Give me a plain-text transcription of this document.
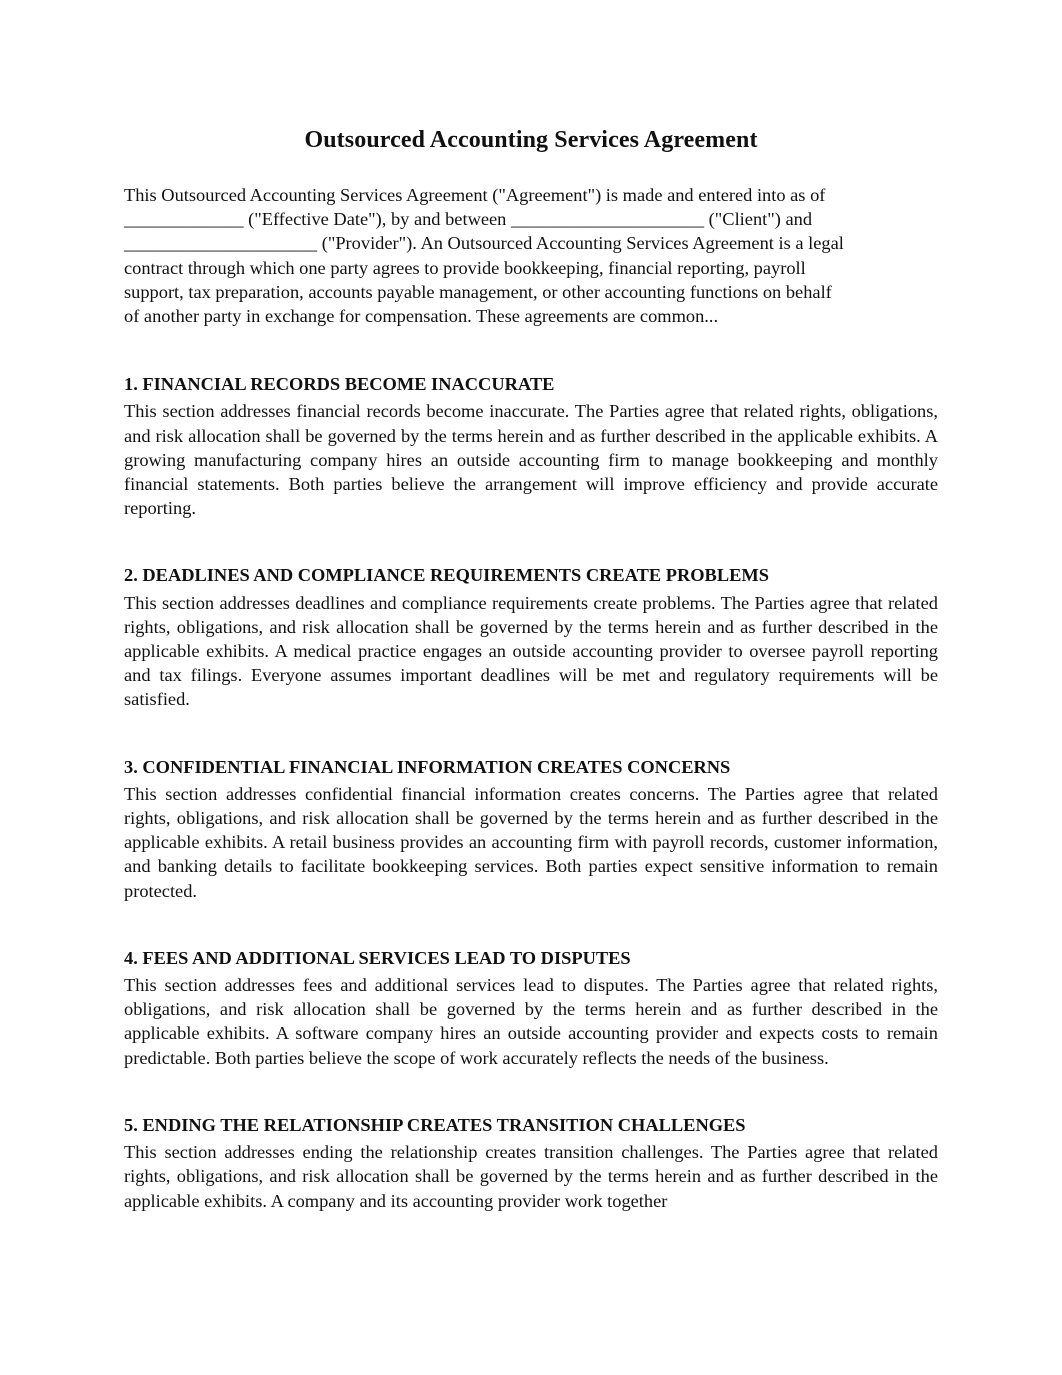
Outsourced Accounting Services Agreement
This Outsourced Accounting Services Agreement ("Agreement") is made and entered into as of
_____________ ("Effective Date"), by and between _____________________ ("Client") and
_____________________ ("Provider"). An Outsourced Accounting Services Agreement is a legal
contract through which one party agrees to provide bookkeeping, financial reporting, payroll
support, tax preparation, accounts payable management, or other accounting functions on behalf
of another party in exchange for compensation. These agreements are common...
1. FINANCIAL RECORDS BECOME INACCURATE

This section addresses financial records become inaccurate. The Parties agree that related rights, obligations, and risk allocation shall be governed by the terms herein and as further described in the applicable exhibits. A growing manufacturing company hires an outside accounting firm to manage bookkeeping and monthly financial statements. Both parties believe the arrangement will improve efficiency and provide accurate reporting.

2. DEADLINES AND COMPLIANCE REQUIREMENTS CREATE PROBLEMS

This section addresses deadlines and compliance requirements create problems. The Parties agree that related rights, obligations, and risk allocation shall be governed by the terms herein and as further described in the applicable exhibits. A medical practice engages an outside accounting provider to oversee payroll reporting and tax filings. Everyone assumes important deadlines will be met and regulatory requirements will be satisfied.

3. CONFIDENTIAL FINANCIAL INFORMATION CREATES CONCERNS

This section addresses confidential financial information creates concerns. The Parties agree that related rights, obligations, and risk allocation shall be governed by the terms herein and as further described in the applicable exhibits. A retail business provides an accounting firm with payroll records, customer information, and banking details to facilitate bookkeeping services. Both parties expect sensitive information to remain protected.

4. FEES AND ADDITIONAL SERVICES LEAD TO DISPUTES

This section addresses fees and additional services lead to disputes. The Parties agree that related rights, obligations, and risk allocation shall be governed by the terms herein and as further described in the applicable exhibits. A software company hires an outside accounting provider and expects costs to remain predictable. Both parties believe the scope of work accurately reflects the needs of the business.

5. ENDING THE RELATIONSHIP CREATES TRANSITION CHALLENGES

This section addresses ending the relationship creates transition challenges. The Parties agree that related rights, obligations, and risk allocation shall be governed by the terms herein and as further described in the applicable exhibits. A company and its accounting provider work together
